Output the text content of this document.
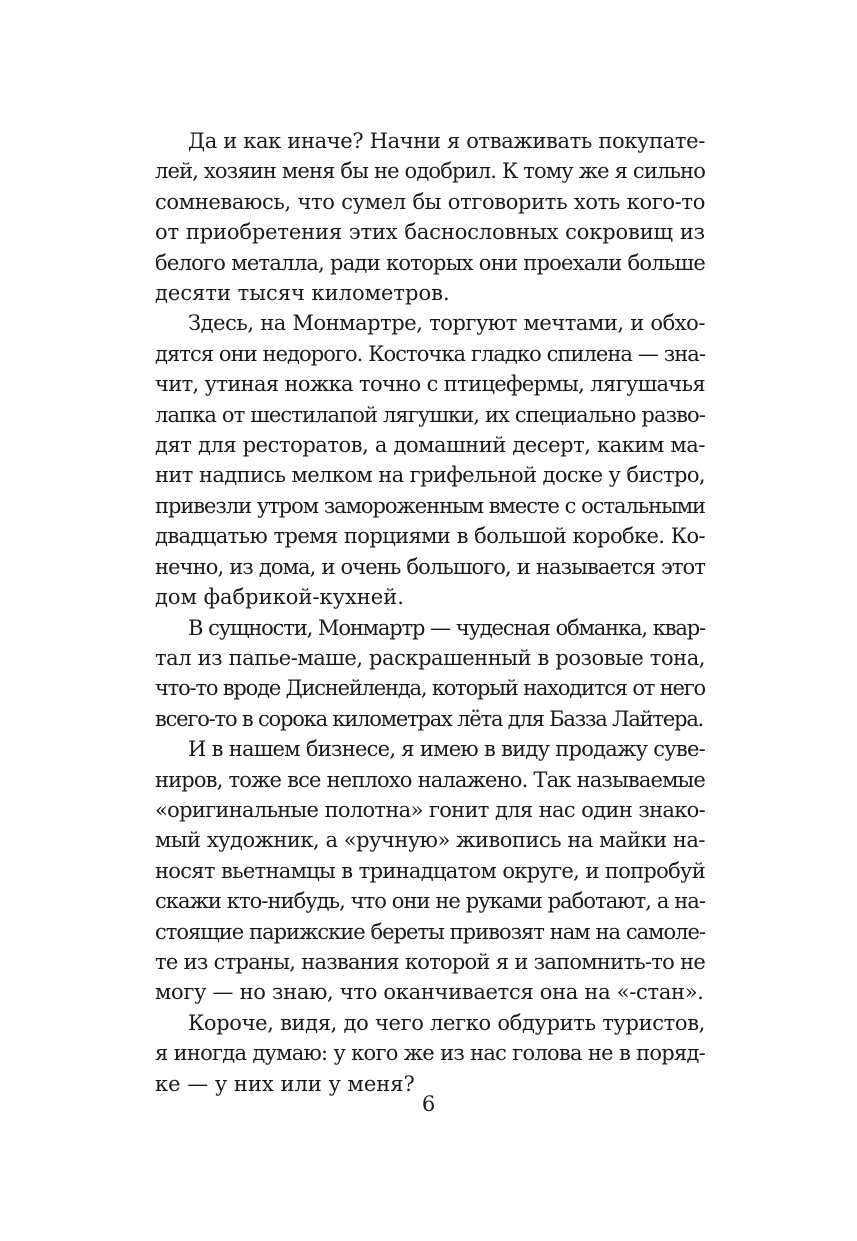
Да и как иначе? Начни я отваживать покупате-
лей, хозяин меня бы не одобрил. К тому же я сильно
сомневаюсь, что сумел бы отговорить хоть кого-то
от приобретения этих баснословных сокровищ из
белого металла, ради которых они проехали больше
десяти тысяч километров.

Здесь, на Монмартре, торгуют мечтами, и обхо-
дятся они недорого. Косточка гладко спилена — зна-
чит, утиная ножка точно с птицефермы, лягушачья
лапка от шестилапой лягушки, их специально разво-
дят для ресторатов, а домашний десерт, каким ма-
нит надпись мелком на грифельной доске у бистро,
привезли утром замороженным вместе с остальными
двадцатью тремя порциями в большой коробке. Ко-
нечно, из дома, и очень большого, и называется этот
дом фабрикой-кухней.

В сущности, Монмартр — чудесная обманка, квар-
тал из папье-маше, раскрашенный в розовые тона,
что-то вроде Диснейленда, который находится от него
всего-то в сорока километрах лёта для Базза Лайтера.

И в нашем бизнесе, я имею в виду продажу суве-
ниров, тоже все неплохо налажено. Так называемые
«оригинальные полотна» гонит для нас один знако-
мый художник, а «ручную» живопись на майки на-
носят вьетнамцы в тринадцатом округе, и попробуй
скажи кто-нибудь, что они не руками работают, а на-
стоящие парижские береты привозят нам на самоле-
те из страны, названия которой я и запомнить-то не
могу — но знаю, что оканчивается она на «-стан».

Короче, видя, до чего легко обдурить туристов,
я иногда думаю: у кого же из нас голова не в поряд-
ке — у них или у меня?

6
